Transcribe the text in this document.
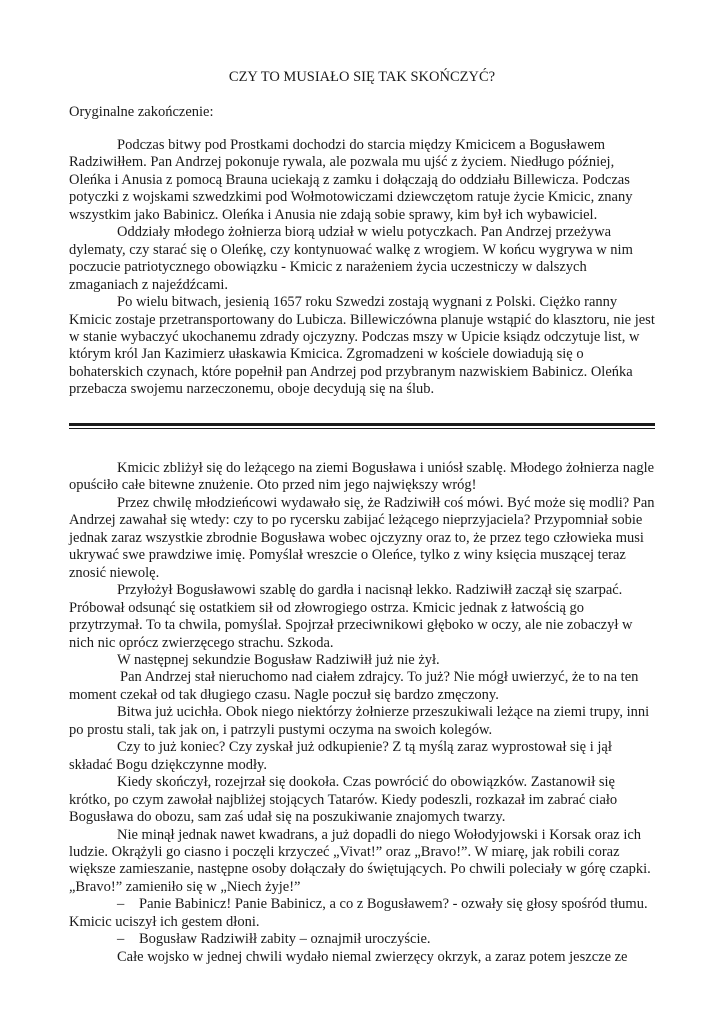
CZY TO MUSIAŁO SIĘ TAK SKOŃCZYĆ?
Oryginalne zakończenie:

Podczas bitwy pod Prostkami dochodzi do starcia między Kmicicem a Bogusławem Radziwiłłem. Pan Andrzej pokonuje rywala, ale pozwala mu ujść z życiem. Niedługo później, Oleńka i Anusia z pomocą Brauna uciekają z zamku i dołączają do oddziału Billewicza. Podczas potyczki z wojskami szwedzkimi pod Wołmotowiczami dziewczętom ratuje życie Kmicic, znany wszystkim jako Babinicz. Oleńka i Anusia nie zdają sobie sprawy, kim był ich wybawiciel.

Oddziały młodego żołnierza biorą udział w wielu potyczkach. Pan Andrzej przeżywa dylematy, czy starać się o Oleńkę, czy kontynuować walkę z wrogiem. W końcu wygrywa w nim poczucie patriotycznego obowiązku - Kmicic z narażeniem życia uczestniczy w dalszych zmaganiach z najeźdźcami.

Po wielu bitwach, jesienią 1657 roku Szwedzi zostają wygnani z Polski. Ciężko ranny Kmicic zostaje przetransportowany do Lubicza. Billewiczówna planuje wstąpić do klasztoru, nie jest w stanie wybaczyć ukochanemu zdrady ojczyzny. Podczas mszy w Upicie ksiądz odczytuje list, w którym król Jan Kazimierz ułaskawia Kmicica. Zgromadzeni w kościele dowiadują się o bohaterskich czynach, które popełnił pan Andrzej pod przybranym nazwiskiem Babinicz. Oleńka przebacza swojemu narzeczonemu, oboje decydują się na ślub.

Kmicic zbliżył się do leżącego na ziemi Bogusława i uniósł szablę. Młodego żołnierza nagle opuściło całe bitewne znużenie. Oto przed nim jego największy wróg!

Przez chwilę młodzieńcowi wydawało się, że Radziwiłł coś mówi. Być może się modli? Pan Andrzej zawahał się wtedy: czy to po rycersku zabijać leżącego nieprzyjaciela? Przypomniał sobie jednak zaraz wszystkie zbrodnie Bogusława wobec ojczyzny oraz to, że przez tego człowieka musi ukrywać swe prawdziwe imię. Pomyślał wreszcie o Oleńce, tylko z winy księcia muszącej teraz znosić niewolę.

Przyłożył Bogusławowi szablę do gardła i nacisnął lekko. Radziwiłł zaczął się szarpać. Próbował odsunąć się ostatkiem sił od złowrogiego ostrza. Kmicic jednak z łatwością go przytrzymał. To ta chwila, pomyślał. Spojrzał przeciwnikowi głęboko w oczy, ale nie zobaczył w nich nic oprócz zwierzęcego strachu. Szkoda.

W następnej sekundzie Bogusław Radziwiłł już nie żył.

Pan Andrzej stał nieruchomo nad ciałem zdrajcy. To już? Nie mógł uwierzyć, że to na ten moment czekał od tak długiego czasu. Nagle poczuł się bardzo zmęczony.

Bitwa już ucichła. Obok niego niektórzy żołnierze przeszukiwali leżące na ziemi trupy, inni po prostu stali, tak jak on, i patrzyli pustymi oczyma na swoich kolegów.

Czy to już koniec? Czy zyskał już odkupienie? Z tą myślą zaraz wyprostował się i jął składać Bogu dziękczynne modły.

Kiedy skończył, rozejrzał się dookoła. Czas powrócić do obowiązków. Zastanowił się krótko, po czym zawołał najbliżej stojących Tatarów. Kiedy podeszli, rozkazał im zabrać ciało Bogusława do obozu, sam zaś udał się na poszukiwanie znajomych twarzy.

Nie minął jednak nawet kwadrans, a już dopadli do niego Wołodyjowski i Korsak oraz ich ludzie. Okrążyli go ciasno i poczęli krzyczeć „Vivat!” oraz „Bravo!”. W miarę, jak robili coraz większe zamieszanie, następne osoby dołączały do świętujących. Po chwili poleciały w górę czapki. „Bravo!” zamieniło się w „Niech żyje!”

– Panie Babinicz! Panie Babinicz, a co z Bogusławem? - ozwały się głosy spośród tłumu. Kmicic uciszył ich gestem dłoni.

– Bogusław Radziwiłł zabity – oznajmił uroczyście.

Całe wojsko w jednej chwili wydało niemal zwierzęcy okrzyk, a zaraz potem jeszcze ze
